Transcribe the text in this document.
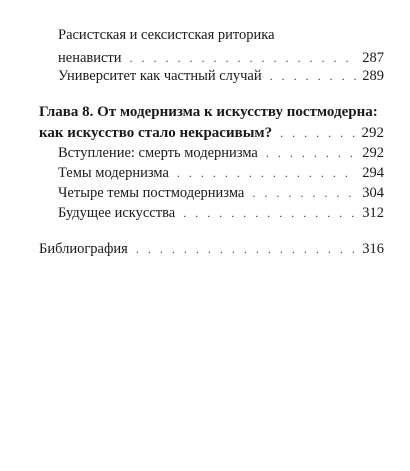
Расистская и сексистская риторика
ненависти . . .	287
Университет как частный случай . . .	289
Глава 8. От модернизма к искусству постмодерна:
как искусство стало некрасивым? . . .	292
Вступление: смерть модернизма . . .	292
Темы модернизма . . .	294
Четыре темы постмодернизма . . .	304
Будущее искусства . . .	312
Библиография . . .	316
